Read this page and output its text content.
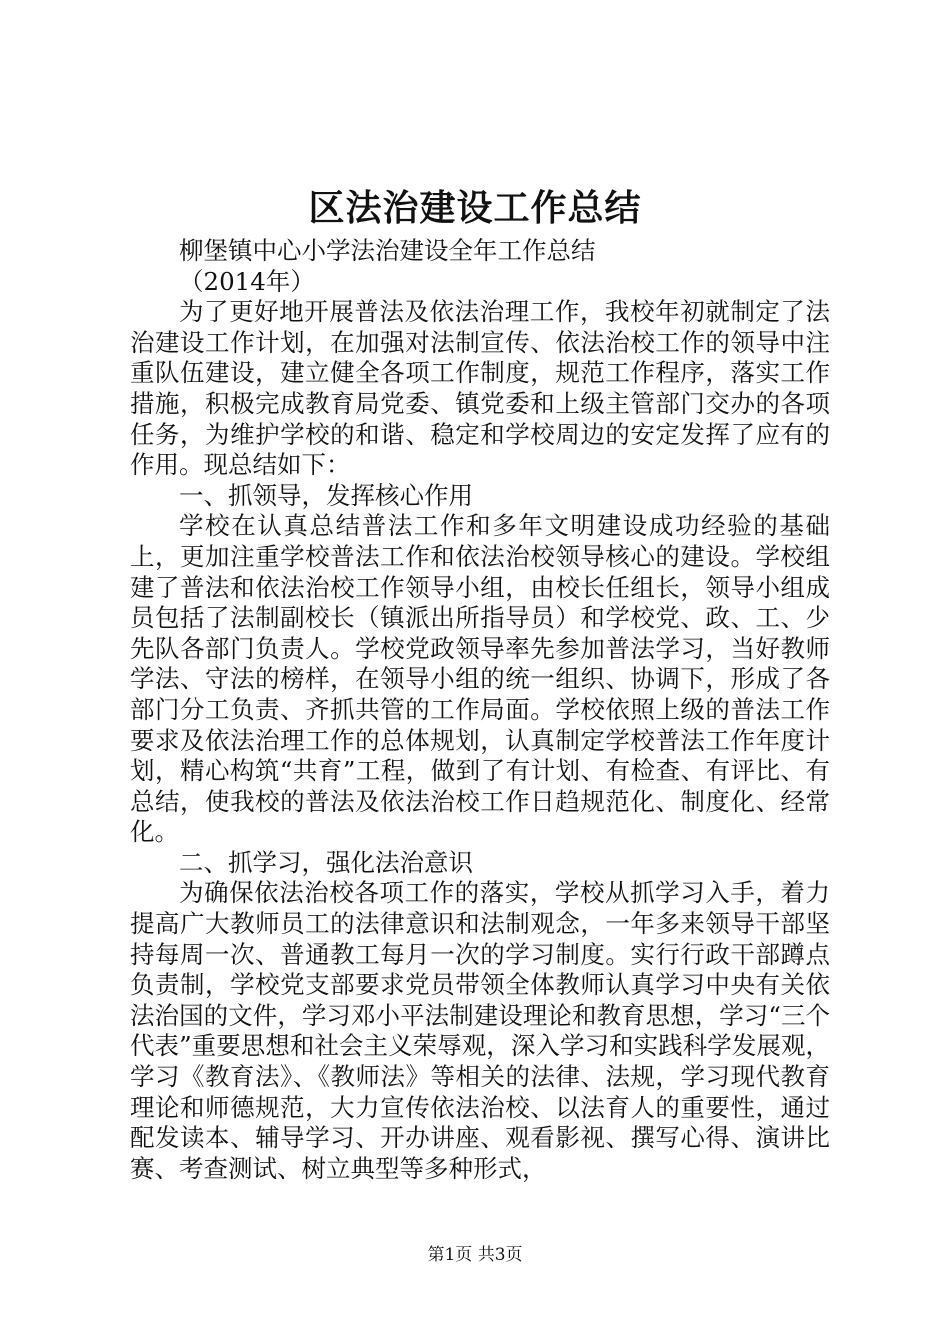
区法治建设工作总结

柳堡镇中心小学法治建设全年工作总结

（2014年）

为了更好地开展普法及依法治理工作，我校年初就制定了法治建设工作计划，在加强对法制宣传、依法治校工作的领导中注重队伍建设，建立健全各项工作制度，规范工作程序，落实工作措施，积极完成教育局党委、镇党委和上级主管部门交办的各项任务，为维护学校的和谐、稳定和学校周边的安定发挥了应有的作用。现总结如下：

一、抓领导，发挥核心作用

学校在认真总结普法工作和多年文明建设成功经验的基础上，更加注重学校普法工作和依法治校领导核心的建设。学校组建了普法和依法治校工作领导小组，由校长任组长，领导小组成员包括了法制副校长（镇派出所指导员）和学校党、政、工、少先队各部门负责人。学校党政领导率先参加普法学习，当好教师学法、守法的榜样，在领导小组的统一组织、协调下，形成了各部门分工负责、齐抓共管的工作局面。学校依照上级的普法工作要求及依法治理工作的总体规划，认真制定学校普法工作年度计划，精心构筑“共育”工程，做到了有计划、有检查、有评比、有总结，使我校的普法及依法治校工作日趋规范化、制度化、经常化。

二、抓学习，强化法治意识

为确保依法治校各项工作的落实，学校从抓学习入手，着力提高广大教师员工的法律意识和法制观念，一年多来领导干部坚持每周一次、普通教工每月一次的学习制度。实行行政干部蹲点负责制，学校党支部要求党员带领全体教师认真学习中央有关依法治国的文件，学习邓小平法制建设理论和教育思想，学习“三个代表”重要思想和社会主义荣辱观，深入学习和实践科学发展观，学习《教育法》、《教师法》等相关的法律、法规，学习现代教育理论和师德规范，大力宣传依法治校、以法育人的重要性，通过配发读本、辅导学习、开办讲座、观看影视、撰写心得、演讲比赛、考查测试、树立典型等多种形式，

第1页 共3页
